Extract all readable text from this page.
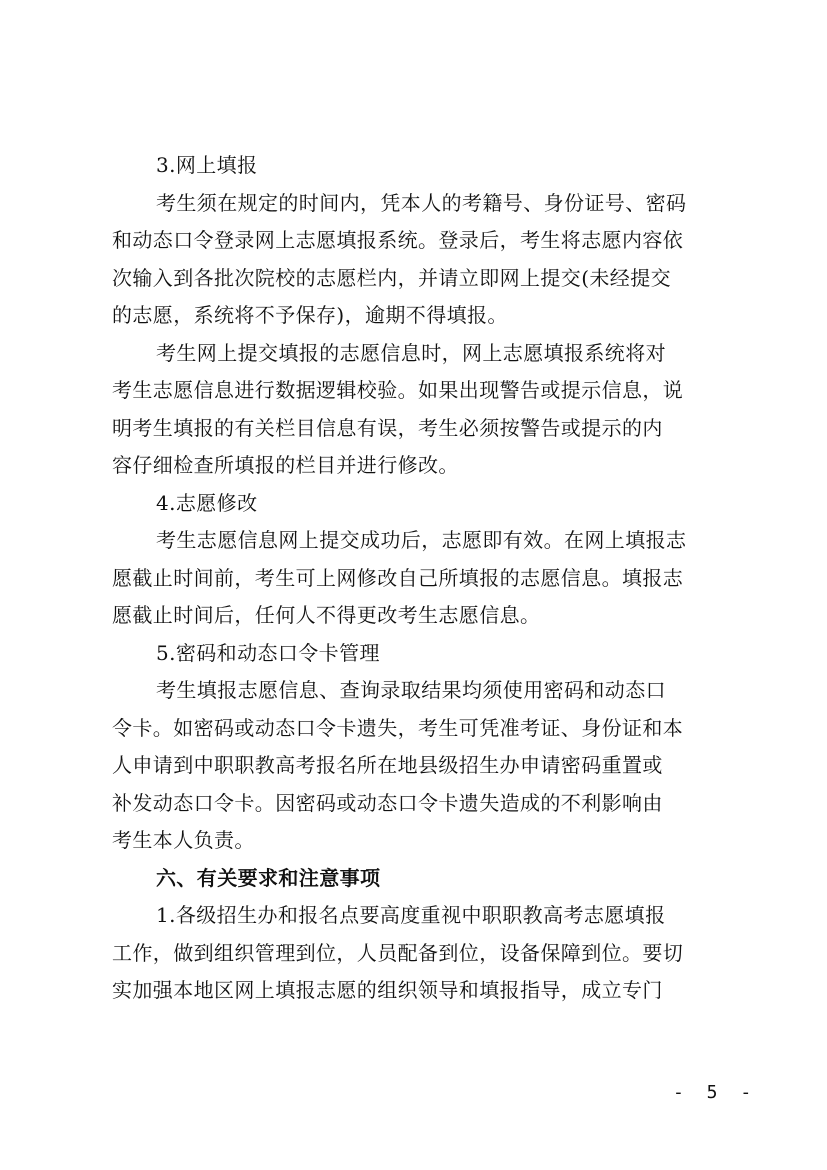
3.网上填报
考生须在规定的时间内，凭本人的考籍号、身份证号、密码
和动态口令登录网上志愿填报系统。登录后，考生将志愿内容依
次输入到各批次院校的志愿栏内，并请立即网上提交(未经提交
的志愿，系统将不予保存)，逾期不得填报。
考生网上提交填报的志愿信息时，网上志愿填报系统将对
考生志愿信息进行数据逻辑校验。如果出现警告或提示信息，说
明考生填报的有关栏目信息有误，考生必须按警告或提示的内
容仔细检查所填报的栏目并进行修改。
4.志愿修改
考生志愿信息网上提交成功后，志愿即有效。在网上填报志
愿截止时间前，考生可上网修改自己所填报的志愿信息。填报志
愿截止时间后，任何人不得更改考生志愿信息。
5.密码和动态口令卡管理
考生填报志愿信息、查询录取结果均须使用密码和动态口
令卡。如密码或动态口令卡遗失，考生可凭准考证、身份证和本
人申请到中职职教高考报名所在地县级招生办申请密码重置或
补发动态口令卡。因密码或动态口令卡遗失造成的不利影响由
考生本人负责。
六、有关要求和注意事项
1.各级招生办和报名点要高度重视中职职教高考志愿填报
工作，做到组织管理到位，人员配备到位，设备保障到位。要切
实加强本地区网上填报志愿的组织领导和填报指导，成立专门
- 5 -
